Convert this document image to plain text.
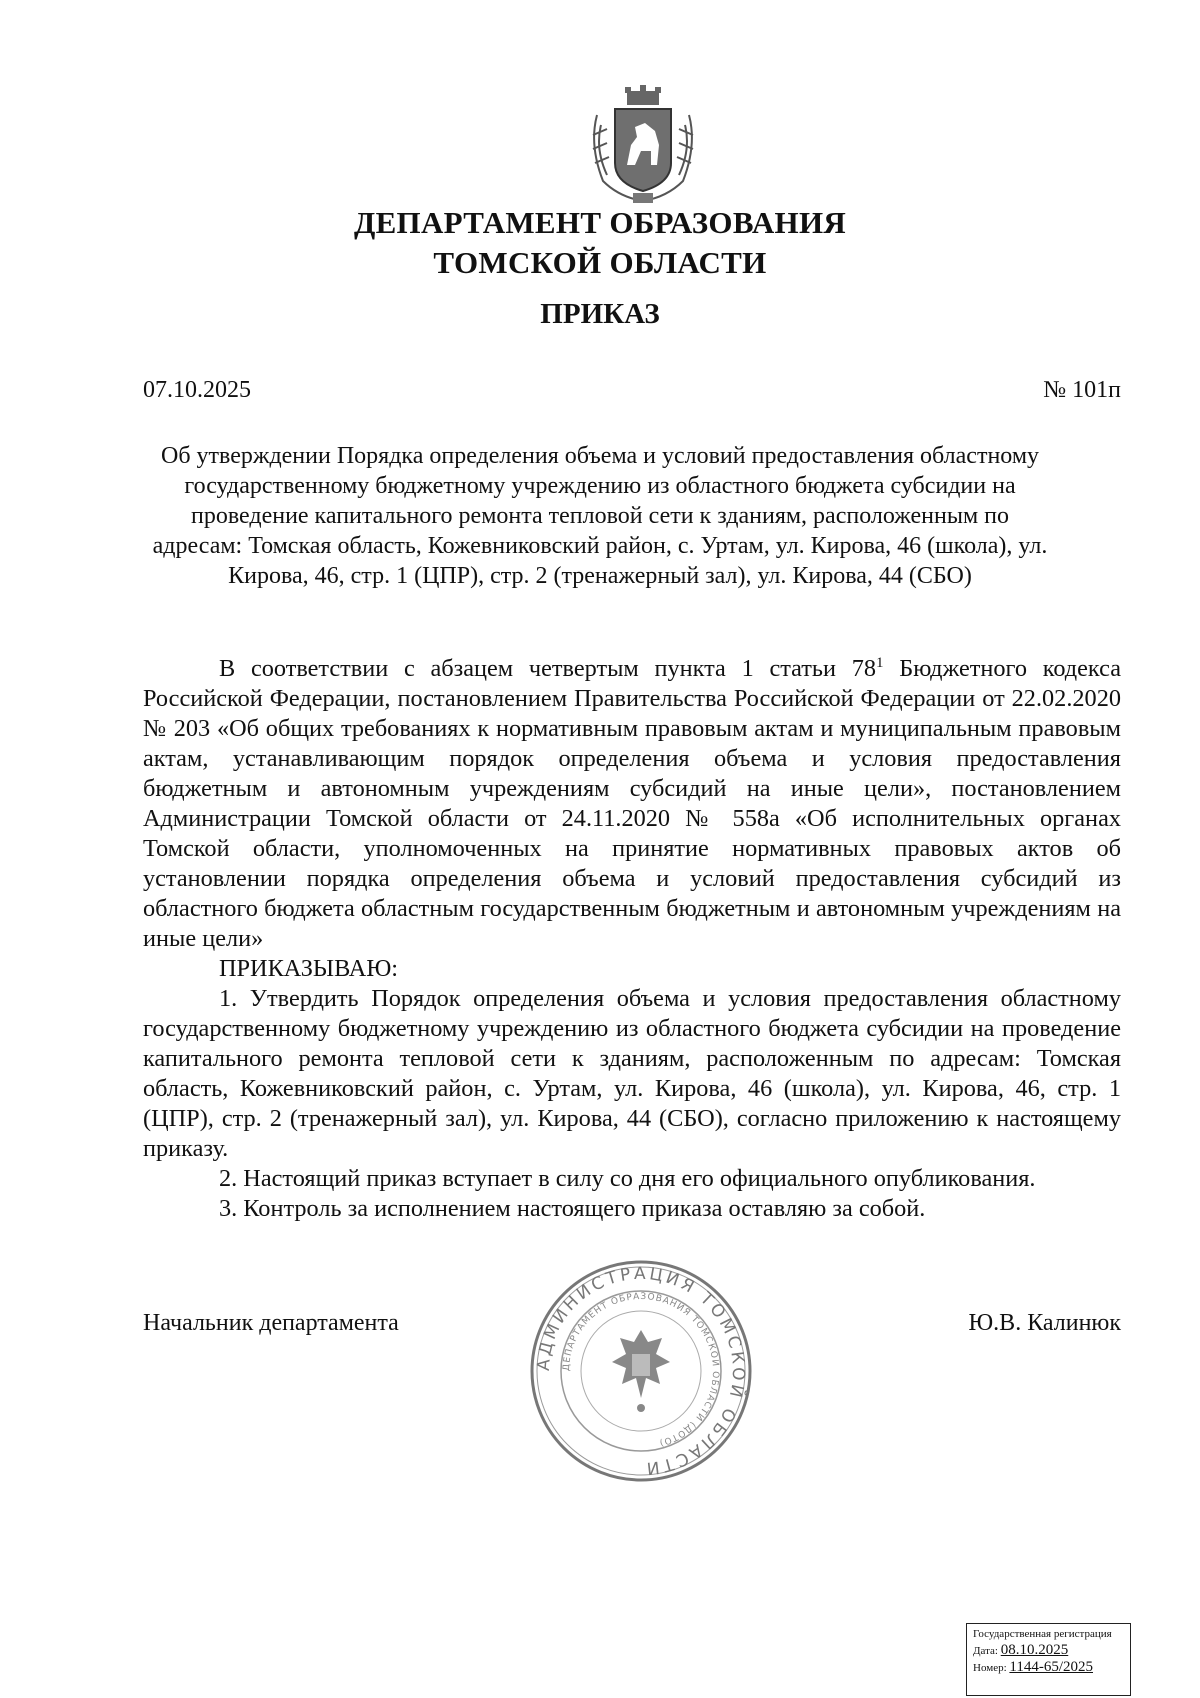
ДЕПАРТАМЕНТ ОБРАЗОВАНИЯ
ТОМСКОЙ ОБЛАСТИ
ПРИКАЗ
07.10.2025	№ 101п
Об утверждении Порядка определения объема и условий предоставления областному государственному бюджетному учреждению из областного бюджета субсидии на проведение капитального ремонта тепловой сети к зданиям, расположенным по адресам: Томская область, Кожевниковский район, с. Уртам, ул. Кирова, 46 (школа), ул. Кирова, 46, стр. 1 (ЦПР), стр. 2 (тренажерный зал), ул. Кирова, 44 (СБО)

В соответствии с абзацем четвертым пункта 1 статьи $78^1$ Бюджетного кодекса Российской Федерации, постановлением Правительства Российской Федерации от 22.02.2020 № 203 «Об общих требованиях к нормативным правовым актам и муниципальным правовым актам, устанавливающим порядок определения объема и условия предоставления бюджетным и автономным учреждениям субсидий на иные цели», постановлением Администрации Томской области от 24.11.2020 № 558а «Об исполнительных органах Томской области, уполномоченных на принятие нормативных правовых актов об установлении порядка определения объема и условий предоставления субсидий из областного бюджета областным государственным бюджетным и автономным учреждениям на иные цели»

ПРИКАЗЫВАЮ:

1. Утвердить Порядок определения объема и условия предоставления областному государственному бюджетному учреждению из областного бюджета субсидии на проведение капитального ремонта тепловой сети к зданиям, расположенным по адресам: Томская область, Кожевниковский район, с. Уртам, ул. Кирова, 46 (школа), ул. Кирова, 46, стр. 1 (ЦПР), стр. 2 (тренажерный зал), ул. Кирова, 44 (СБО), согласно приложению к настоящему приказу.

2. Настоящий приказ вступает в силу со дня его официального опубликования.

3. Контроль за исполнением настоящего приказа оставляю за собой.

Начальник департамента	Ю.В. Калинюк
АДМИНИСТРАЦИЯ ТОМСКОЙ ОБЛАСТИ
ДЕПАРТАМЕНТ ОБРАЗОВАНИЯ ТОМСКОЙ ОБЛАСТИ (ДОТО)
Государственная регистрация
Дата: 08.10.2025
Номер: 1144-65/2025
